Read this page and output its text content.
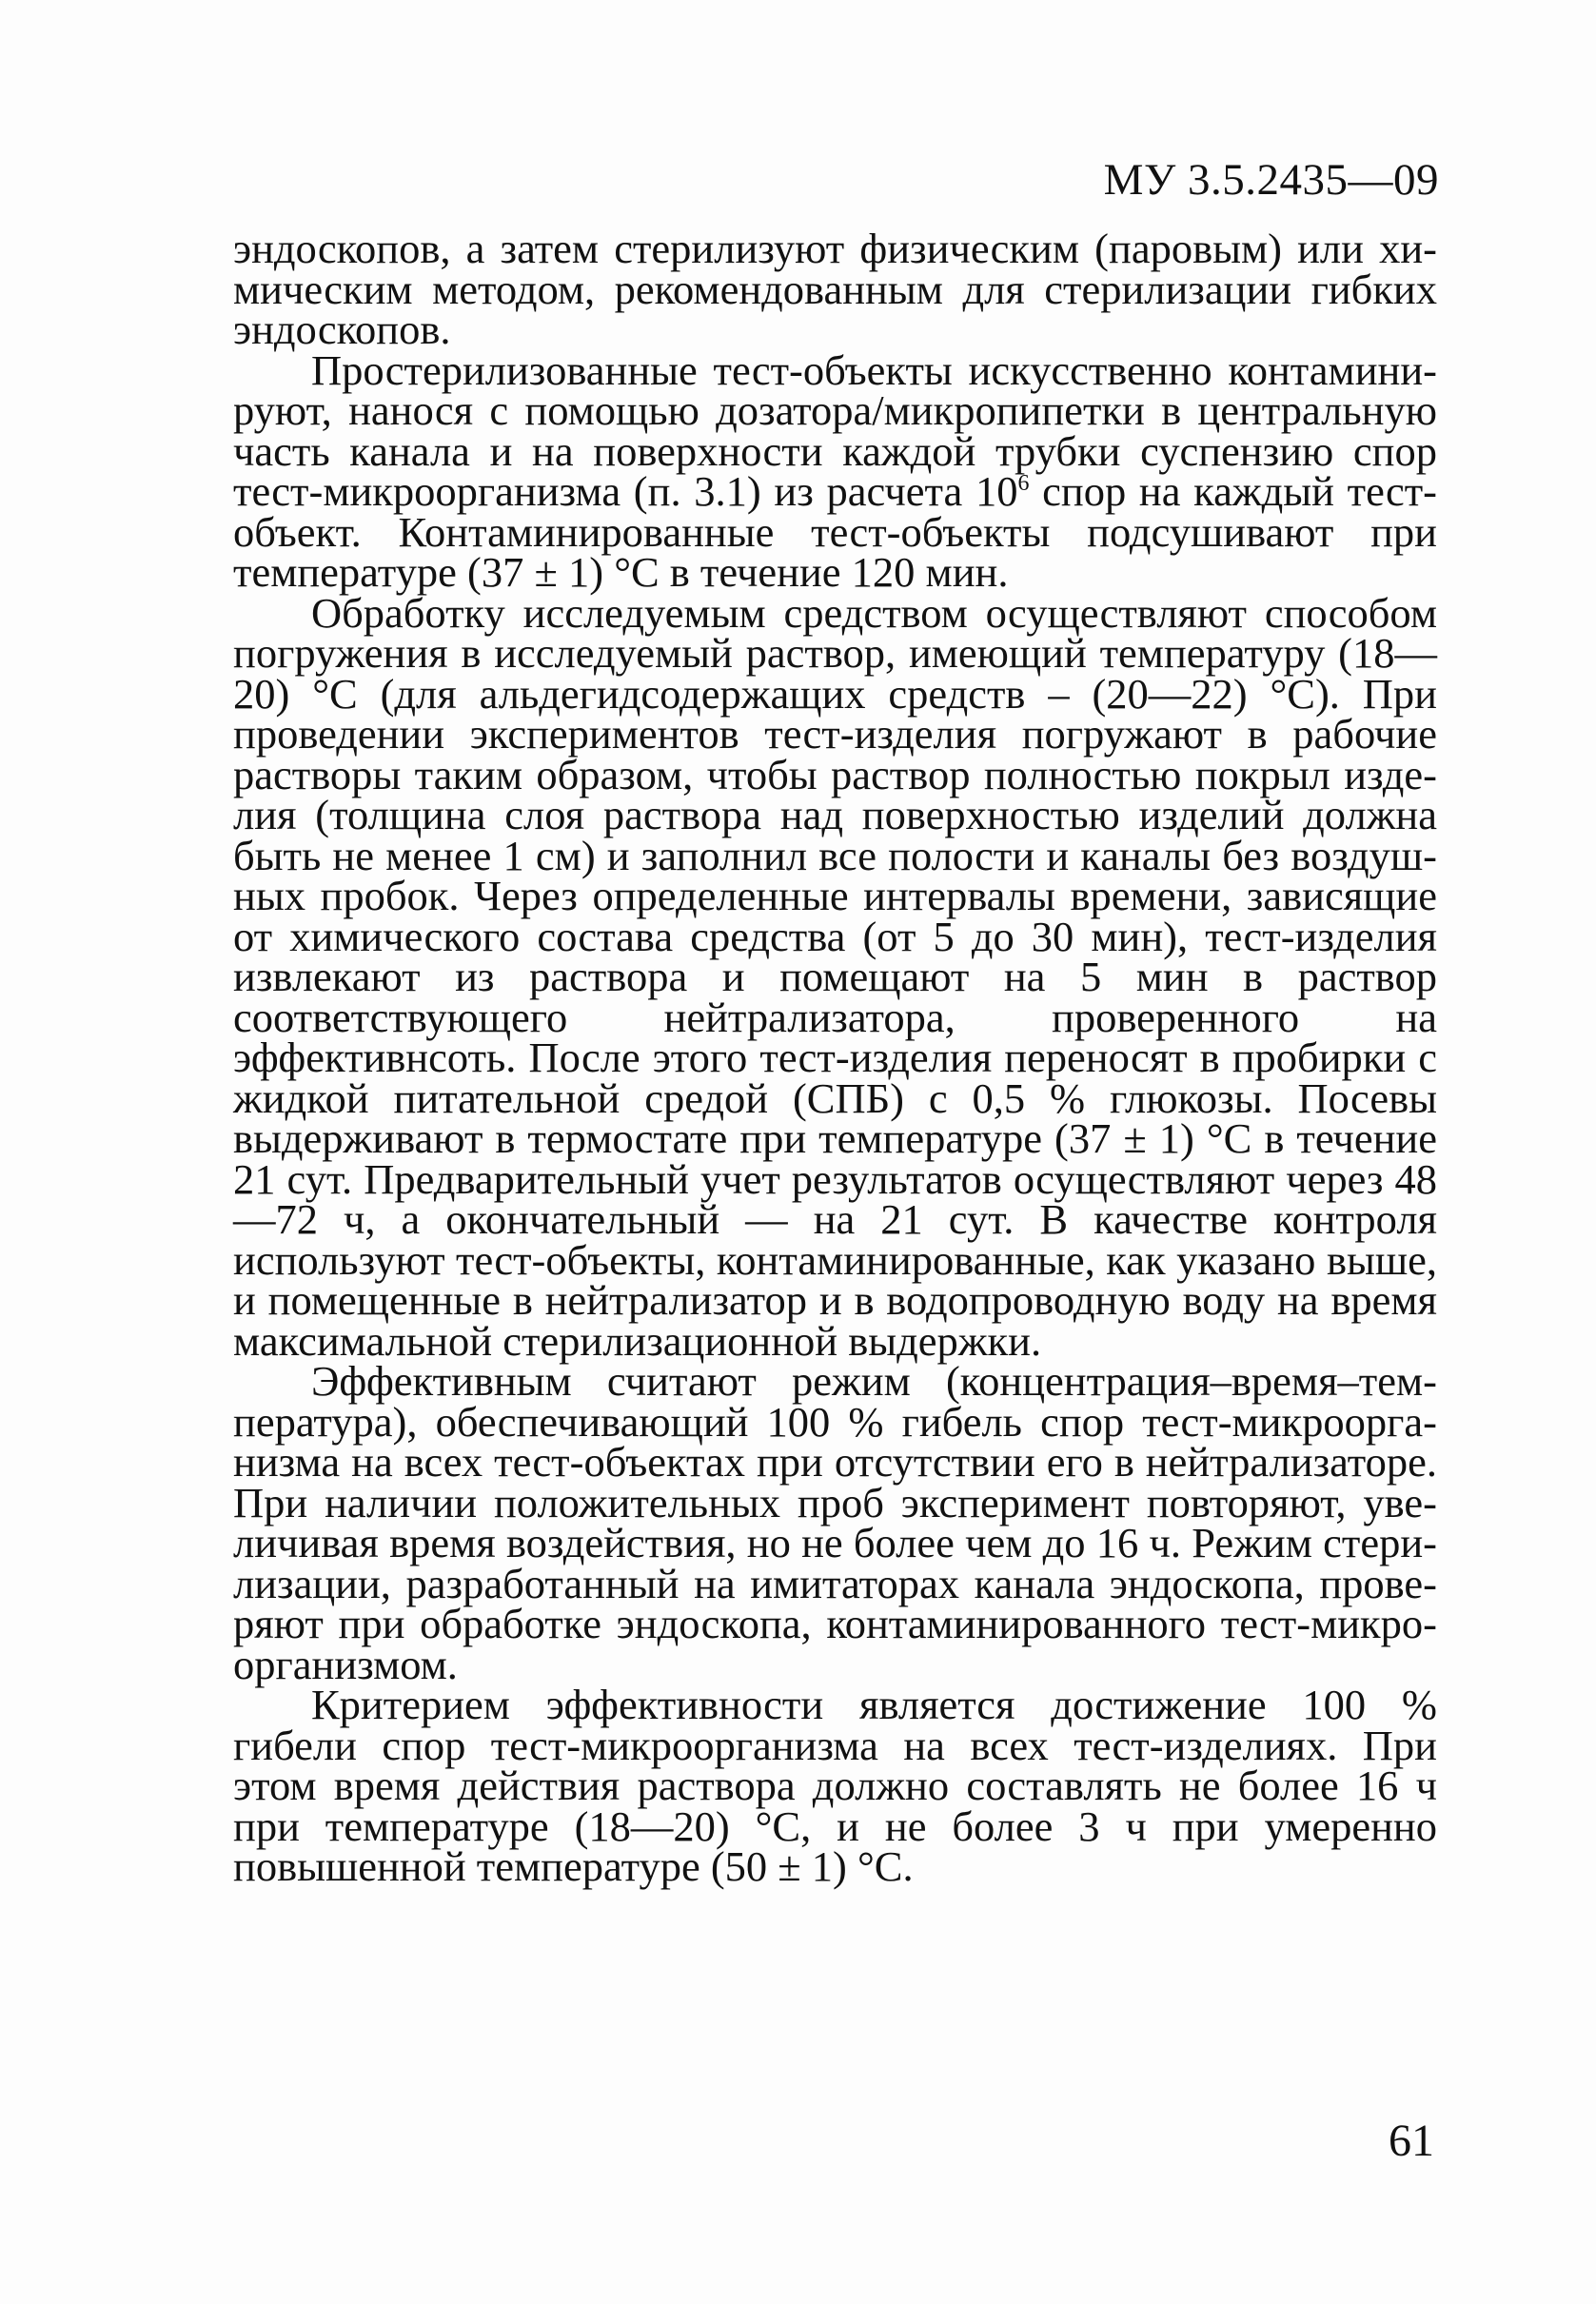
МУ 3.5.2435—09

эндоскопов, а затем стерилизуют физическим (паровым) или химическим методом, рекомендованным для стерилизации гибких эндоскопов.

Простерилизованные тест-объекты искусственно контаминируют, нанося с помощью дозатора/микропипетки в центральную часть канала и на поверхности каждой трубки суспензию спор тест-микроорганизма (п. 3.1) из расчета $10^6$ спор на каждый тест-объект. Контаминированные тест-объекты подсушивают при температуре (37 ± 1) °С в течение 120 мин.

Обработку исследуемым средством осуществляют способом погружения в исследуемый раствор, имеющий температуру (18—20) °С (для альдегидсодержащих средств – (20—22) °С). При проведении экспериментов тест-изделия погружают в рабочие растворы таким образом, чтобы раствор полностью покрыл изделия (толщина слоя раствора над поверхностью изделий должна быть не менее 1 см) и заполнил все полости и каналы без воздушных пробок. Через определенные интервалы времени, зависящие от химического состава средства (от 5 до 30 мин), тест-изделия извлекают из раствора и помещают на 5 мин в раствор соответствующего нейтрализатора, проверенного на эффективнсоть. После этого тест-изделия переносят в пробирки с жидкой питательной средой (СПБ) с 0,5 % глюкозы. Посевы выдерживают в термостате при температуре (37 ± 1) °С в течение 21 сут. Предварительный учет результатов осуществляют через 48—72 ч, а окончательный — на 21 сут. В качестве контроля используют тест-объекты, контаминированные, как указано выше, и помещенные в нейтрализатор и в водопроводную воду на время максимальной стерилизационной выдержки.

Эффективным считают режим (концентрация–время–температура), обеспечивающий 100 % гибель спор тест-микроорганизма на всех тест-объектах при отсутствии его в нейтрализаторе. При наличии положительных проб эксперимент повторяют, увеличивая время воздействия, но не более чем до 16 ч. Режим стерилизации, разработанный на имитаторах канала эндоскопа, проверяют при обработке эндоскопа, контаминированного тест-микроорганизмом.

Критерием эффективности является достижение 100 % гибели спор тест-микроорганизма на всех тест-изделиях. При этом время действия раствора должно составлять не более 16 ч при температуре (18—20) °С, и не более 3 ч при умеренно повышенной температуре (50 ± 1) °С.

61
